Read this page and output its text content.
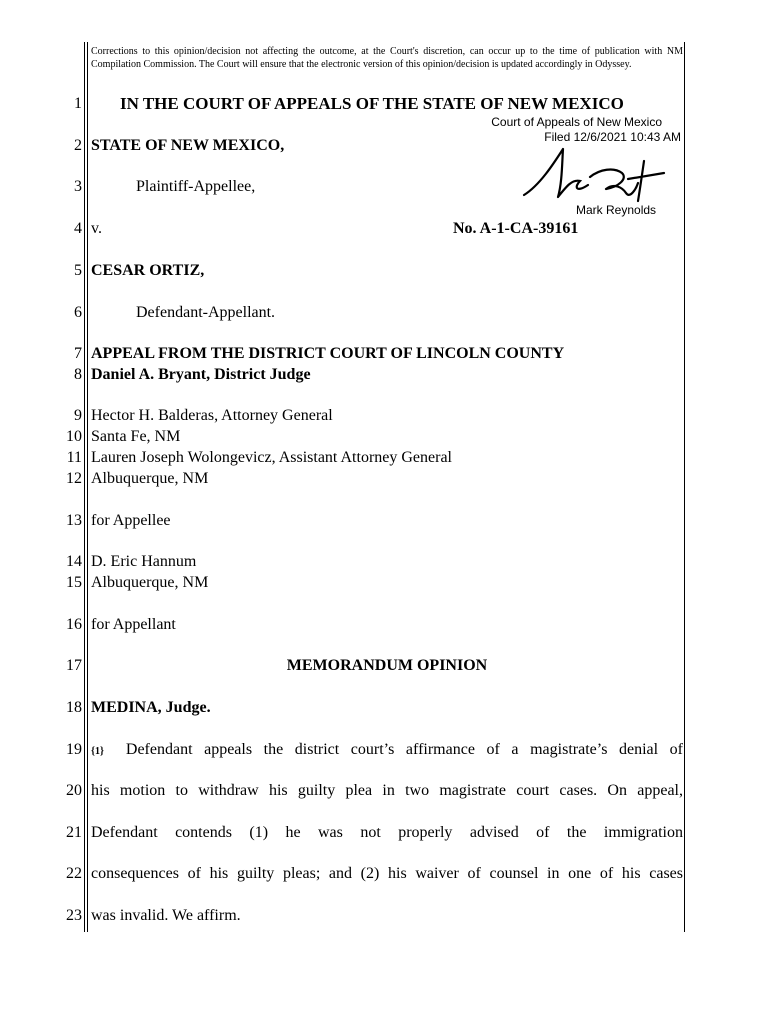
Corrections to this opinion/decision not affecting the outcome, at the Court's discretion, can occur up to the time of publication with NM Compilation Commission. The Court will ensure that the electronic version of this opinion/decision is updated accordingly in Odyssey.
1
2
3
4
5
6
7
8
9
10
11
12
13
14
15
16
17
18
19
20
21
22
23
IN THE COURT OF APPEALS OF THE STATE OF NEW MEXICO
STATE OF NEW MEXICO,
Plaintiff-Appellee,
v.	No. A-1-CA-39161
CESAR ORTIZ,
Defendant-Appellant.
Court of Appeals of New Mexico
Filed 12/6/2021 10:43 AM
Mark Reynolds
APPEAL FROM THE DISTRICT COURT OF LINCOLN COUNTY
Daniel A. Bryant, District Judge
Hector H. Balderas, Attorney General
Santa Fe, NM
Lauren Joseph Wolongevicz, Assistant Attorney General
Albuquerque, NM
for Appellee
D. Eric Hannum
Albuquerque, NM
for Appellant
MEMORANDUM OPINION
MEDINA, Judge.
{1} Defendant appeals the district court’s affirmance of a magistrate’s denial of
his motion to withdraw his guilty plea in two magistrate court cases. On appeal,
Defendant contends (1) he was not properly advised of the immigration
consequences of his guilty pleas; and (2) his waiver of counsel in one of his cases
was invalid. We affirm.
